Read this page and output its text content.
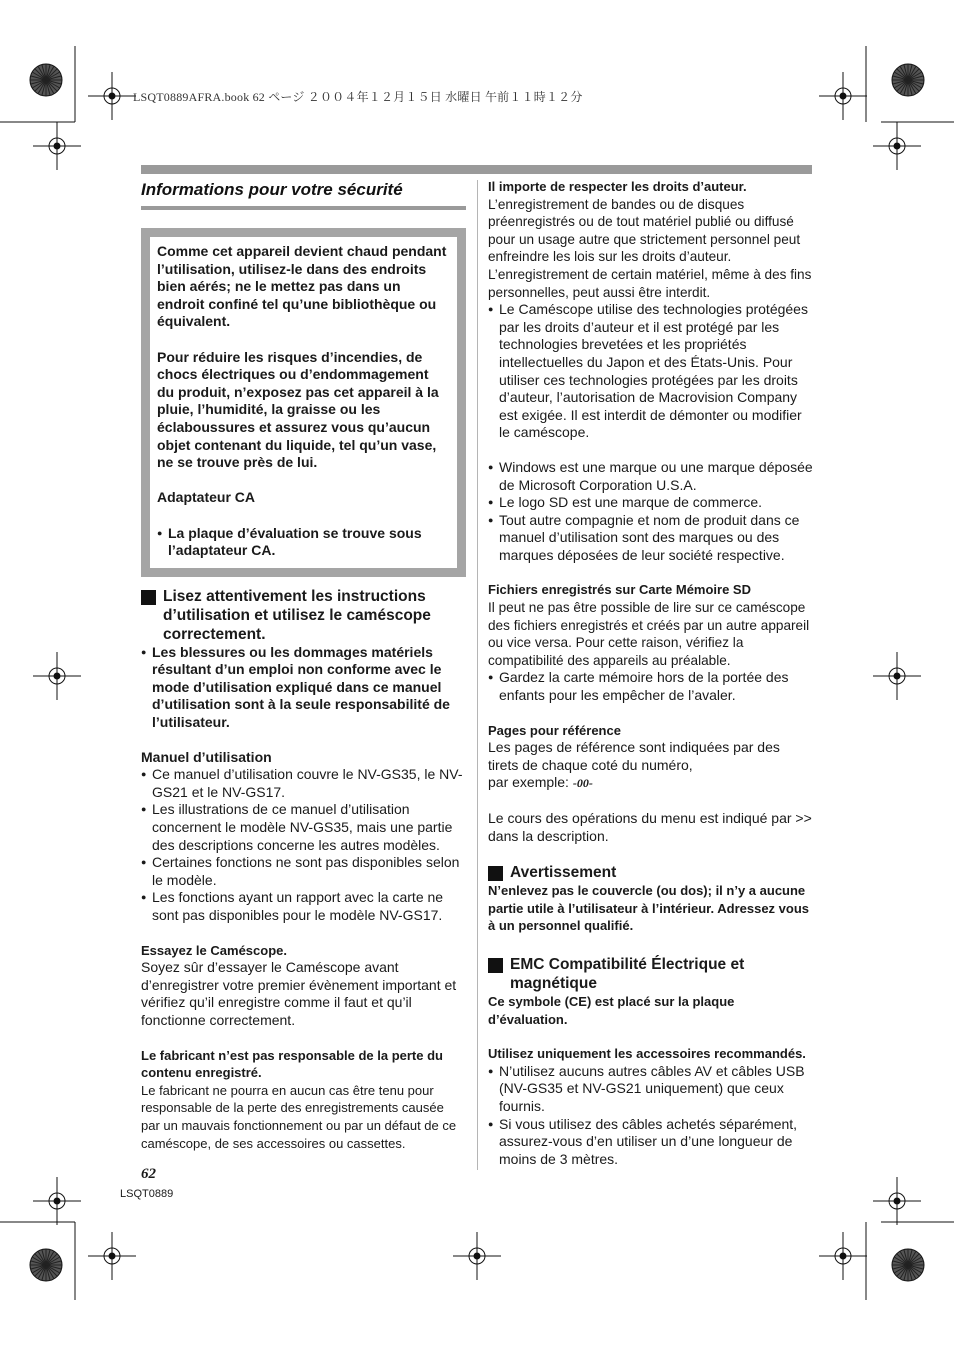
LSQT0889AFRA.book 62 ページ ２００４年１２月１５日 水曜日 午前１１時１２分
Informations pour votre sécurité

Comme cet appareil devient chaud pendant l’utilisation, utilisez-le dans des endroits bien aérés; ne le mettez pas dans un endroit confiné tel qu’une bibliothèque ou équivalent.

Pour réduire les risques d’incendies, de chocs électriques ou d’endommagement du produit, n’exposez pas cet appareil à la pluie, l’humidité, la graisse ou les éclaboussures et assurez vous qu’aucun objet contenant du liquide, tel qu’un vase, ne se trouve près de lui.

Adaptateur CA

● La plaque d’évaluation se trouve sous l’adaptateur CA.

Lisez attentivement les instructions d’utilisation et utilisez le caméscope correctement.

● Les blessures ou les dommages matériels résultant d’un emploi non conforme avec le mode d’utilisation expliqué dans ce manuel d’utilisation sont à la seule responsabilité de l’utilisateur.

Manuel d’utilisation

● Ce manuel d’utilisation couvre le NV-GS35, le NV-GS21 et le NV-GS17.

● Les illustrations de ce manuel d’utilisation concernent le modèle NV-GS35, mais une partie des descriptions concerne les autres modèles.

● Certaines fonctions ne sont pas disponibles selon le modèle.

● Les fonctions ayant un rapport avec la carte ne sont pas disponibles pour le modèle NV-GS17.

Essayez le Caméscope.

Soyez sûr d’essayer le Caméscope avant d’enregistrer votre premier évènement important et vérifiez qu’il enregistre comme il faut et qu’il fonctionne correctement.

Le fabricant n’est pas responsable de la perte du contenu enregistré.

Le fabricant ne pourra en aucun cas être tenu pour responsable de la perte des enregistrements causée par un mauvais fonctionnement ou par un défaut de ce caméscope, de ses accessoires ou cassettes.

Il importe de respecter les droits d’auteur.

L’enregistrement de bandes ou de disques préenregistrés ou de tout matériel publié ou diffusé pour un usage autre que strictement personnel peut enfreindre les lois sur les droits d’auteur. L’enregistrement de certain matériel, même à des fins personnelles, peut aussi être interdit.

● Le Caméscope utilise des technologies protégées par les droits d’auteur et il est protégé par les technologies brevetées et les propriétés intellectuelles du Japon et des États-Unis. Pour utiliser ces technologies protégées par les droits d’auteur, l’autorisation de Macrovision Company est exigée. Il est interdit de démonter ou modifier le caméscope.

● Windows est une marque ou une marque déposée de Microsoft Corporation U.S.A.

● Le logo SD est une marque de commerce.

● Tout autre compagnie et nom de produit dans ce manuel d’utilisation sont des marques ou des marques déposées de leur société respective.

Fichiers enregistrés sur Carte Mémoire SD

Il peut ne pas être possible de lire sur ce caméscope des fichiers enregistrés et créés par un autre appareil ou vice versa. Pour cette raison, vérifiez la compatibilité des appareils au préalable.

● Gardez la carte mémoire hors de la portée des enfants pour les empêcher de l’avaler.

Pages pour référence

Les pages de référence sont indiquées par des tirets de chaque coté du numéro,

par exemple: -00-

Le cours des opérations du menu est indiqué par >> dans la description.

Avertissement

N’enlevez pas le couvercle (ou dos); il n’y a aucune partie utile à l’utilisateur à l’intérieur. Adressez vous à un personnel qualifié.

EMC Compatibilité Électrique et magnétique

Ce symbole (CE) est placé sur la plaque d’évaluation.

Utilisez uniquement les accessoires recommandés.

● N’utilisez aucuns autres câbles AV et câbles USB (NV-GS35 et NV-GS21 uniquement) que ceux fournis.

● Si vous utilisez des câbles achetés séparément, assurez-vous d’en utiliser un d’une longueur de moins de 3 mètres.

62
LSQT0889
